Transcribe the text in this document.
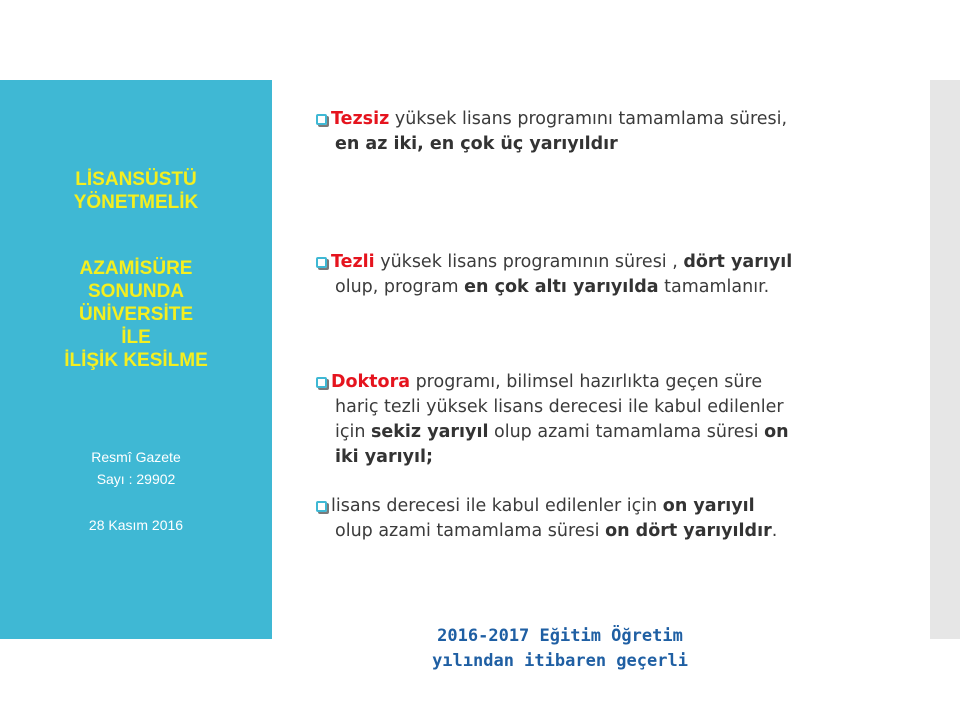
LİSANSÜSTÜ
YÖNETMELİK
AZAMİSÜRE
SONUNDA
ÜNİVERSİTE
İLE
İLİŞİK KESİLME
Resmî Gazete
Sayı : 29902
28 Kasım 2016
Tezsiz yüksek lisans programını tamamlama süresi,
en az iki, en çok üç yarıyıldır
Tezli yüksek lisans programının süresi , dört yarıyıl
olup, program en çok altı yarıyılda tamamlanır.
Doktora programı, bilimsel hazırlıkta geçen süre
hariç tezli yüksek lisans derecesi ile kabul edilenler
için sekiz yarıyıl olup azami tamamlama süresi on
iki yarıyıl;
lisans derecesi ile kabul edilenler için on yarıyıl
olup azami tamamlama süresi on dört yarıyıldır.
2016-2017 Eğitim Öğretim
yılından itibaren geçerli
